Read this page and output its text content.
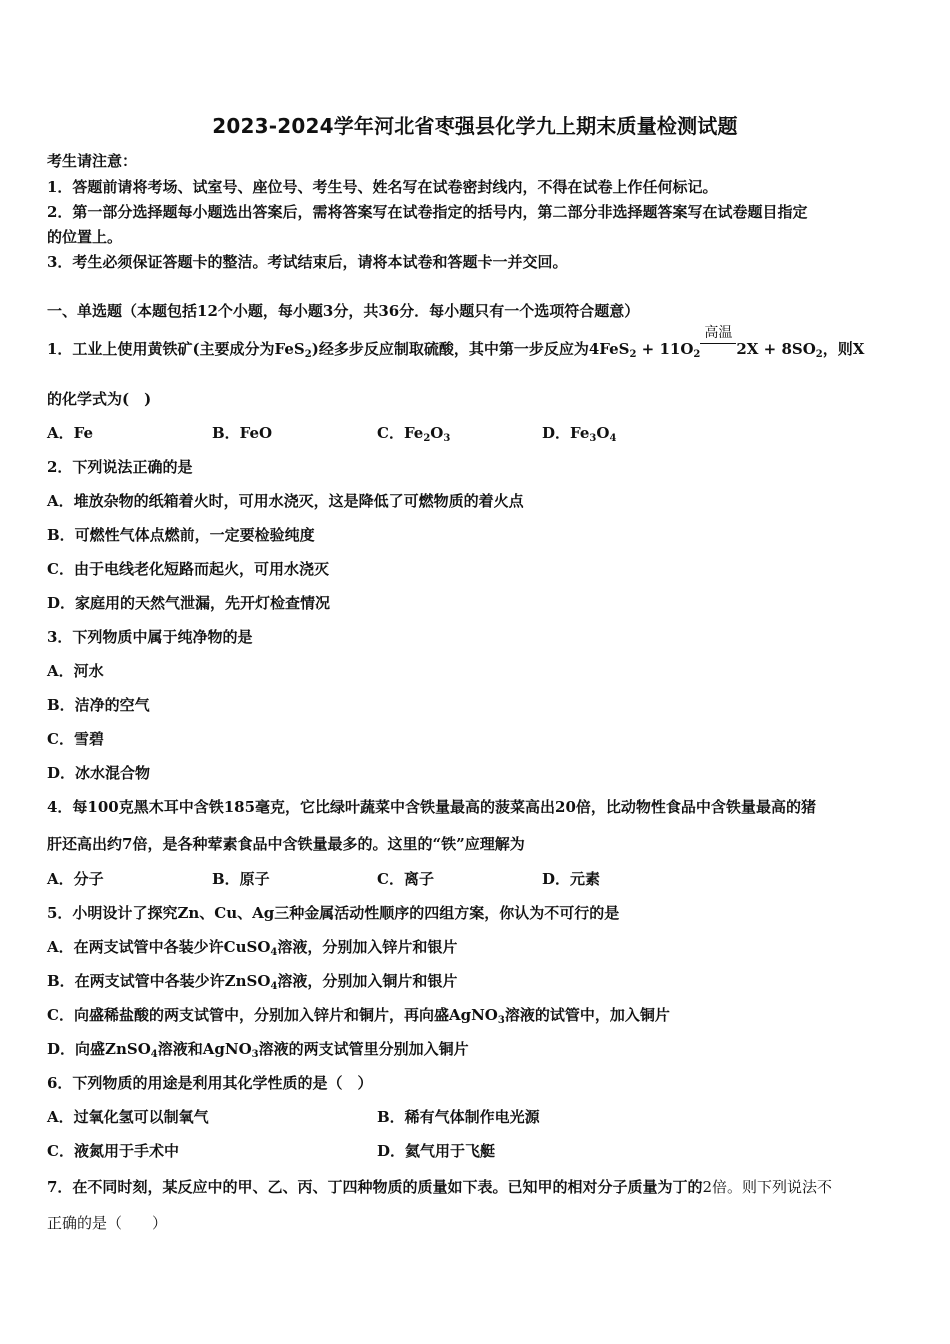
2023-2024学年河北省枣强县化学九上期末质量检测试题
考生请注意：
1．答题前请将考场、试室号、座位号、考生号、姓名写在试卷密封线内，不得在试卷上作任何标记。
2．第一部分选择题每小题选出答案后，需将答案写在试卷指定的括号内，第二部分非选择题答案写在试卷题目指定
的位置上。
3．考生必须保证答题卡的整洁。考试结束后，请将本试卷和答题卡一并交回。
一、单选题（本题包括12个小题，每小题3分，共36分．每小题只有一个选项符合题意）
1．工业上使用黄铁矿(主要成分为FeS$_2$)经多步反应制取硫酸，其中第一步反应为$4FeS_2 + 11O_2$
高温
$2X + 8SO_2$，则X
的化学式为(　)
A．Fe	B．FeO	C．$Fe_2O_3$	D．$Fe_3O_4$
2．下列说法正确的是
A．堆放杂物的纸箱着火时，可用水浇灭，这是降低了可燃物质的着火点
B．可燃性气体点燃前，一定要检验纯度
C．由于电线老化短路而起火，可用水浇灭
D．家庭用的天然气泄漏，先开灯检查情况
3．下列物质中属于纯净物的是
A．河水
B．洁净的空气
C．雪碧
D．冰水混合物
4．每100克黑木耳中含铁185毫克，它比绿叶蔬菜中含铁量最高的菠菜高出20倍，比动物性食品中含铁量最高的猪
肝还高出约7倍，是各种荤素食品中含铁量最多的。这里的“铁”应理解为
A．分子	B．原子	C．离子	D．元素
5．小明设计了探究Zn、Cu、Ag三种金属活动性顺序的四组方案，你认为不可行的是
A．在两支试管中各装少许CuSO$_4$溶液，分别加入锌片和银片
B．在两支试管中各装少许ZnSO$_4$溶液，分别加入铜片和银片
C．向盛稀盐酸的两支试管中，分别加入锌片和铜片，再向盛AgNO$_3$溶液的试管中，加入铜片
D．向盛ZnSO$_4$溶液和AgNO$_3$溶液的两支试管里分别加入铜片
6．下列物质的用途是利用其化学性质的是（　）
A．过氧化氢可以制氧气	B．稀有气体制作电光源
C．液氮用于手术中	D．氦气用于飞艇
7．在不同时刻，某反应中的甲、乙、丙、丁四种物质的质量如下表。已知甲的相对分子质量为丁的2倍。则下列说法不
正确的是（　　）
